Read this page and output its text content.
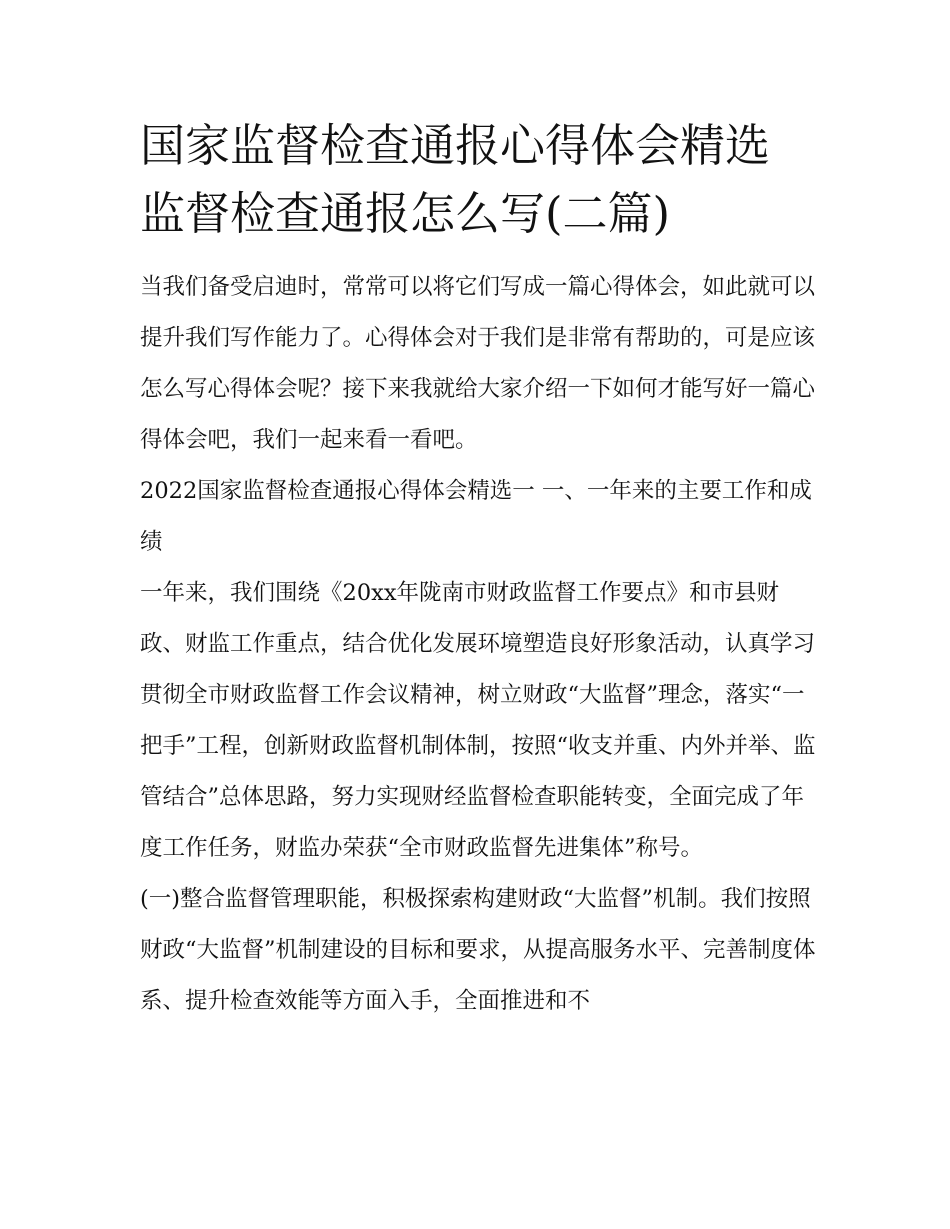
国家监督检查通报心得体会精选 监督检查通报怎么写(二篇)

当我们备受启迪时，常常可以将它们写成一篇心得体会，如此就可以提升我们写作能力了。心得体会对于我们是非常有帮助的，可是应该怎么写心得体会呢？接下来我就给大家介绍一下如何才能写好一篇心得体会吧，我们一起来看一看吧。

2022国家监督检查通报心得体会精选一 一、一年来的主要工作和成绩

一年来，我们围绕《20xx年陇南市财政监督工作要点》和市县财政、财监工作重点，结合优化发展环境塑造良好形象活动，认真学习贯彻全市财政监督工作会议精神，树立财政“大监督”理念，落实“一把手”工程，创新财政监督机制体制，按照“收支并重、内外并举、监管结合”总体思路，努力实现财经监督检查职能转变，全面完成了年度工作任务，财监办荣获“全市财政监督先进集体”称号。

(一)整合监督管理职能，积极探索构建财政“大监督”机制。我们按照财政“大监督”机制建设的目标和要求，从提高服务水平、完善制度体系、提升检查效能等方面入手，全面推进和不
